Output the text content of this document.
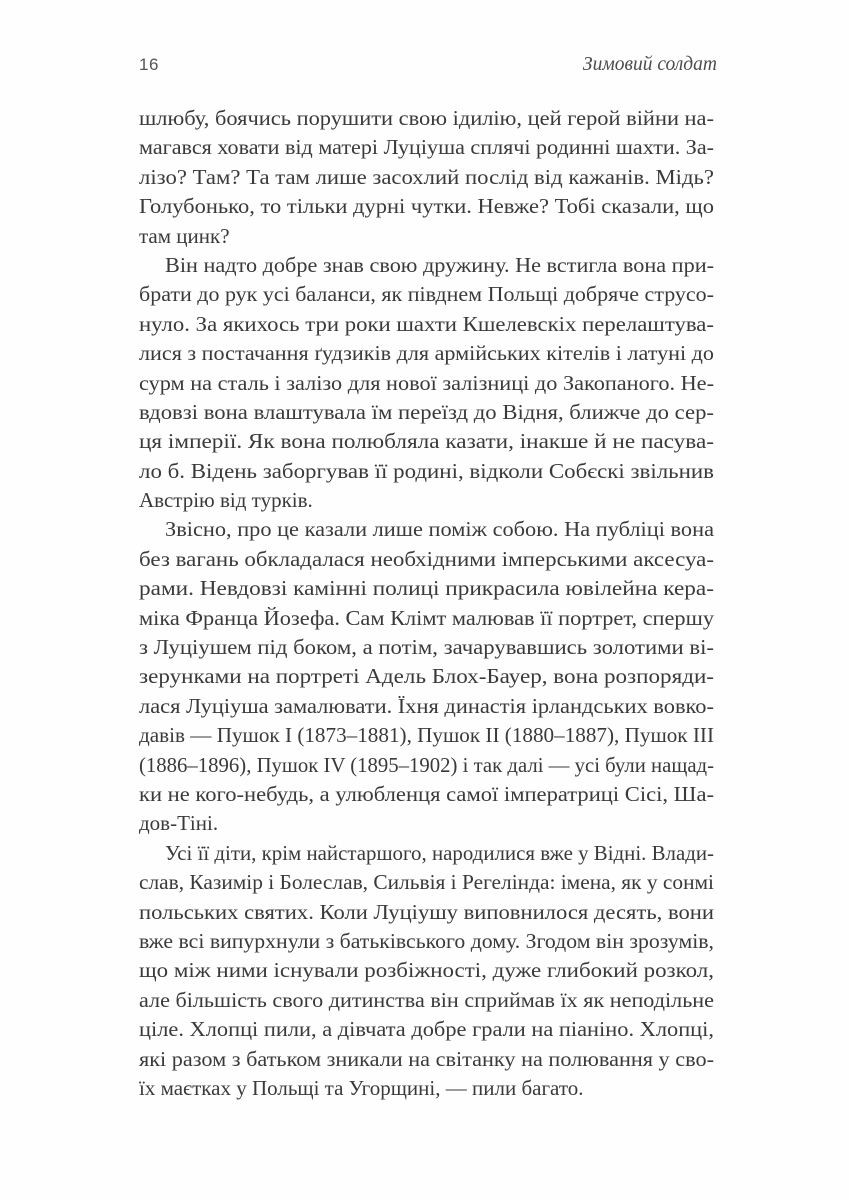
16	Зимовий солдат
шлюбу, боячись порушити свою ідилію, цей герой війни на-
магався ховати від матері Луціуша сплячі родинні шахти. За-
лізо? Там? Та там лише засохлий послід від кажанів. Мідь?
Голубонько, то тільки дурні чутки. Невже? Тобі сказали, що
там цинк?
Він надто добре знав свою дружину. Не встигла вона при-
брати до рук усі баланси, як півднем Польщі добряче струсо-
нуло. За якихось три роки шахти Кшелевскіх перелаштува-
лися з постачання ґудзиків для армійських кітелів і латуні до
сурм на сталь і залізо для нової залізниці до Закопаного. Не-
вдовзі вона влаштувала їм переїзд до Відня, ближче до сер-
ця імперії. Як вона полюбляла казати, інакше й не пасува-
ло б. Відень заборгував її родині, відколи Собєскі звільнив
Австрію від турків.
Звісно, про це казали лише поміж собою. На публіці вона
без вагань обкладалася необхідними імперськими аксесуа-
рами. Невдовзі камінні полиці прикрасила ювілейна кера-
міка Франца Йозефа. Сам Клімт малював її портрет, спершу
з Луціушем під боком, а потім, зачарувавшись золотими ві-
зерунками на портреті Адель Блох-Бауер, вона розпоряди-
лася Луціуша замалювати. Їхня династія ірландських вовко-
давів — Пушок I (1873–1881), Пушок II (1880–1887), Пушок III
(1886–1896), Пушок IV (1895–1902) і так далі — усі були нащад-
ки не кого-небудь, а улюбленця самої імператриці Сісі, Ша-
дов-Тіні.
Усі її діти, крім найстаршого, народилися вже у Відні. Влади-
слав, Казимір і Болеслав, Сильвія і Регелінда: імена, як у сонмі
польських святих. Коли Луціушу виповнилося десять, вони
вже всі випурхнули з батьківського дому. Згодом він зрозумів,
що між ними існували розбіжності, дуже глибокий розкол,
але більшість свого дитинства він сприймав їх як неподільне
ціле. Хлопці пили, а дівчата добре грали на піаніно. Хлопці,
які разом з батьком зникали на світанку на полювання у сво-
їх маєтках у Польщі та Угорщині, — пили багато.
